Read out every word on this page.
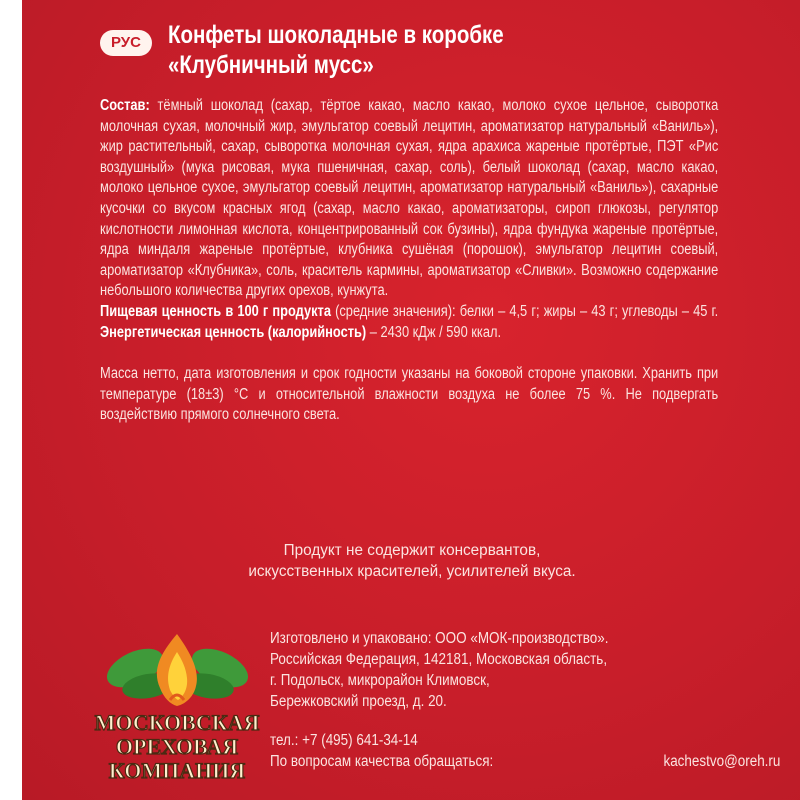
РУС	Конфеты шоколадные в коробке
«Клубничный мусс»

Состав: тёмный шоколад (сахар, тёртое какао, масло какао, молоко сухое цельное, сыворотка молочная сухая, молочный жир, эмульгатор соевый лецитин, ароматизатор натуральный «Ваниль»), жир растительный, сахар, сыворотка молочная сухая, ядра арахиса жареные протёртые, ПЭТ «Рис воздушный» (мука рисовая, мука пшеничная, сахар, соль), белый шоколад (сахар, масло какао, молоко цельное сухое, эмульгатор соевый лецитин, ароматизатор натуральный «Ваниль»), сахарные кусочки со вкусом красных ягод (сахар, масло какао, ароматизаторы, сироп глюкозы, регулятор кислотности лимонная кислота, концентрированный сок бузины), ядра фундука жареные протёртые, ядра миндаля жареные протёртые, клубника сушёная (порошок), эмульгатор лецитин соевый, ароматизатор «Клубника», соль, краситель кармины, ароматизатор «Сливки». Возможно содержание небольшого количества других орехов, кунжута.

Пищевая ценность в 100 г продукта (средние значения): белки – 4,5 г; жиры – 43 г; углеводы – 45 г. Энергетическая ценность (калорийность) – 2430 кДж / 590 ккал.

Масса нетто, дата изготовления и срок годности указаны на боковой стороне упаковки. Хранить при температуре (18±3) °С и относительной влажности воздуха не более 75 %. Не подвергать воздействию прямого солнечного света.

Продукт не содержит консервантов,
искусственных красителей, усилителей вкуса.
МОСКОВСКАЯ
ОРЕХОВАЯ
КОМПАНИЯ
Изготовлено и упаковано: ООО «МОК-производство».
Российская Федерация, 142181, Московская область,
г. Подольск, микрорайон Климовск,
Бережковский проезд, д. 20.
тел.: +7 (495) 641-34-14
По вопросам качества обращаться:	kachestvo@oreh.ru
